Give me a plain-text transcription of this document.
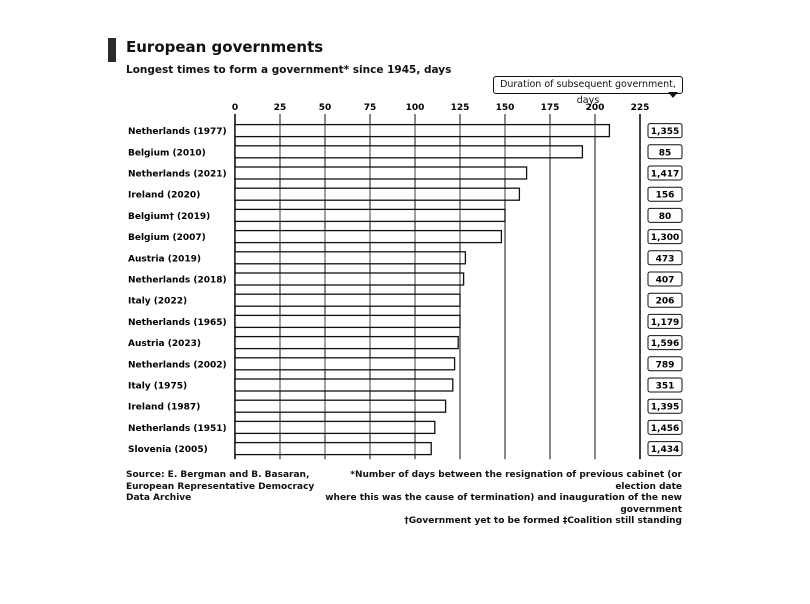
European governments
Longest times to form a government* since 1945, days
Duration of subsequent government, days
0	25	50	75	100	125	150	175	200	225
Netherlands (1977)	1,355
Belgium (2010)	85
Netherlands (2021)	1,417
Ireland (2020)	156
Belgium† (2019)	80
Belgium (2007)	1,300
Austria (2019)	473
Netherlands (2018)	407
Italy (2022)	206
Netherlands (1965)	1,179
Austria (2023)	1,596
Netherlands (2002)	789
Italy (1975)	351
Ireland (1987)	1,395
Netherlands (1951)	1,456
Slovenia (2005)	1,434
Source: E. Bergman and B. Basaran,
European Representative Democracy
Data Archive
*Number of days between the resignation of previous cabinet (or election date
where this was the cause of termination) and inauguration of the new government
†Government yet to be formed ‡Coalition still standing
